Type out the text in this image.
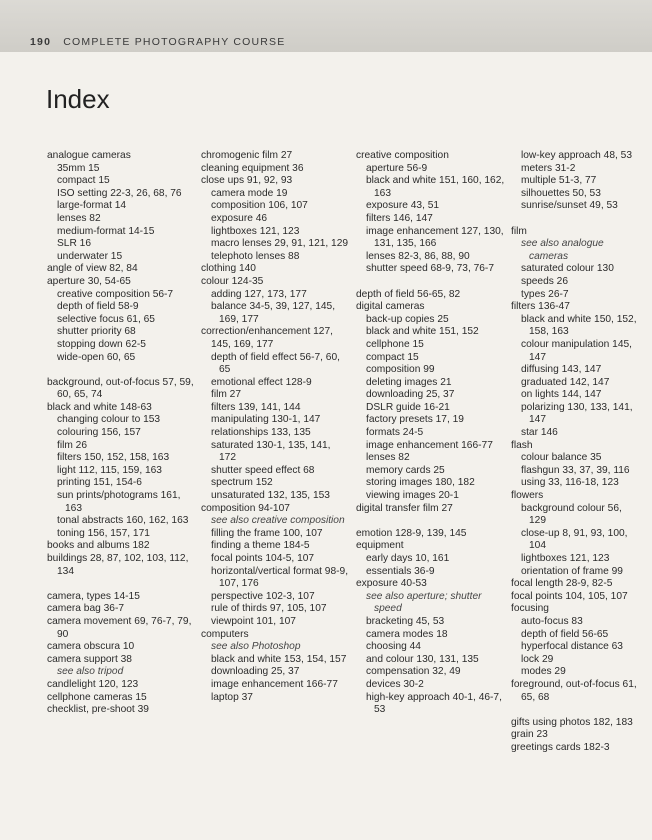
190 COMPLETE PHOTOGRAPHY COURSE
Index
analogue cameras
35mm 15
compact 15
ISO setting 22-3, 26, 68, 76
large-format 14
lenses 82
medium-format 14-15
SLR 16
underwater 15
angle of view 82, 84
aperture 30, 54-65
creative composition 56-7
depth of field 58-9
selective focus 61, 65
shutter priority 68
stopping down 62-5
wide-open 60, 65
background, out-of-focus 57, 59, 60, 65, 74
black and white 148-63
changing colour to 153
colouring 156, 157
film 26
filters 150, 152, 158, 163
light 112, 115, 159, 163
printing 151, 154-6
sun prints/photograms 161, 163
tonal abstracts 160, 162, 163
toning 156, 157, 171
books and albums 182
buildings 28, 87, 102, 103, 112, 134
camera, types 14-15
camera bag 36-7
camera movement 69, 76-7, 79, 90
camera obscura 10
camera support 38
see also tripod
candlelight 120, 123
cellphone cameras 15
checklist, pre-shoot 39
chromogenic film 27
cleaning equipment 36
close ups 91, 92, 93
camera mode 19
composition 106, 107
exposure 46
lightboxes 121, 123
macro lenses 29, 91, 121, 129
telephoto lenses 88
clothing 140
colour 124-35
adding 127, 173, 177
balance 34-5, 39, 127, 145, 169, 177
correction/enhancement 127, 145, 169, 177
depth of field effect 56-7, 60, 65
emotional effect 128-9
film 27
filters 139, 141, 144
manipulating 130-1, 147
relationships 133, 135
saturated 130-1, 135, 141, 172
shutter speed effect 68
spectrum 152
unsaturated 132, 135, 153
composition 94-107
see also creative composition
filling the frame 100, 107
finding a theme 184-5
focal points 104-5, 107
horizontal/vertical format 98-9, 107, 176
perspective 102-3, 107
rule of thirds 97, 105, 107
viewpoint 101, 107
computers
see also Photoshop
black and white 153, 154, 157
downloading 25, 37
image enhancement 166-77
laptop 37
creative composition
aperture 56-9
black and white 151, 160, 162, 163
exposure 43, 51
filters 146, 147
image enhancement 127, 130, 131, 135, 166
lenses 82-3, 86, 88, 90
shutter speed 68-9, 73, 76-7
depth of field 56-65, 82
digital cameras
back-up copies 25
black and white 151, 152
cellphone 15
compact 15
composition 99
deleting images 21
downloading 25, 37
DSLR guide 16-21
factory presets 17, 19
formats 24-5
image enhancement 166-77
lenses 82
memory cards 25
storing images 180, 182
viewing images 20-1
digital transfer film 27
emotion 128-9, 139, 145
equipment
early days 10, 161
essentials 36-9
exposure 40-53
see also aperture; shutter speed
bracketing 45, 53
camera modes 18
choosing 44
and colour 130, 131, 135
compensation 32, 49
devices 30-2
high-key approach 40-1, 46-7, 53
low-key approach 48, 53
meters 31-2
multiple 51-3, 77
silhouettes 50, 53
sunrise/sunset 49, 53
film
see also analogue cameras
saturated colour 130
speeds 26
types 26-7
filters 136-47
black and white 150, 152, 158, 163
colour manipulation 145, 147
diffusing 143, 147
graduated 142, 147
on lights 144, 147
polarizing 130, 133, 141, 147
star 146
flash
colour balance 35
flashgun 33, 37, 39, 116
using 33, 116-18, 123
flowers
background colour 56, 129
close-up 8, 91, 93, 100, 104
lightboxes 121, 123
orientation of frame 99
focal length 28-9, 82-5
focal points 104, 105, 107
focusing
auto-focus 83
depth of field 56-65
hyperfocal distance 63
lock 29
modes 29
foreground, out-of-focus 61, 65, 68
gifts using photos 182, 183
grain 23
greetings cards 182-3
